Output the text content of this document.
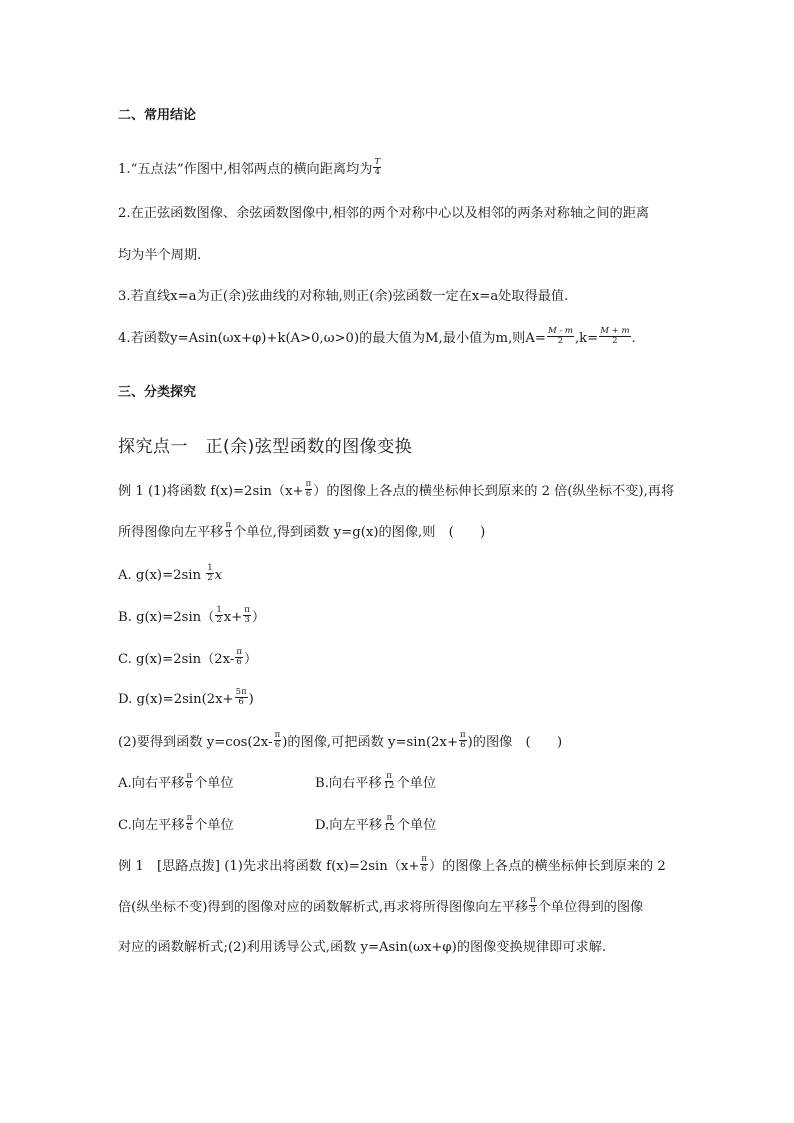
二、常用结论
1.“五点法”作图中,相邻两点的横向距离均为 $\frac{T}{4}$
2.在正弦函数图像、余弦函数图像中,相邻的两个对称中心以及相邻的两条对称轴之间的距离
均为半个周期.
3.若直线x=a为正(余)弦曲线的对称轴,则正(余)弦函数一定在x=a处取得最值.
4.若函数y=Asin(ωx+φ)+k(A>0,ω>0)的最大值为M,最小值为m,则$A= \frac{M - m}{2} ,k= \frac{M + m}{2}$ .
三、分类探究
探究点一　正(余)弦型函数的图像变换
例 1 (1)将函数 $f(x)=2\sin(x+ \frac{\pi}{6}$ ）的图像上各点的横坐标伸长到原来的 2 倍(纵坐标不变),再将
所得图像向左平移 $\frac{\pi}{3}$ 个单位,得到函数 y=g(x)的图像,则　(　　)
A. $g(x)=2\sin \frac{1}{2}$ x
B. $g(x)=2\sin( \frac{1}{2} x+ \frac{\pi}{3}$ ）
C. $g(x)=2\sin(2x- \frac{\pi}{6}$ ）
D. $g(x)=2\sin(2x+ \frac{5\pi}{6}$ )
(2)要得到函数 $y=\cos(2x- \frac{\pi}{6}$ )的图像,可把函数 $y=\sin(2x+ \frac{\pi}{6}$ )的图像　(　　)
A.向右平移 $\frac{\pi}{6}$ 个单位	B.向右平移 $\frac{\pi}{12}$ 个单位
C.向左平移 $\frac{\pi}{6}$ 个单位	D.向左平移 $\frac{\pi}{12}$ 个单位
例 1　[思路点拨] (1)先求出将函数 $f(x)=2\sin(x+ \frac{\pi}{6}$ ）的图像上各点的横坐标伸长到原来的 2
倍(纵坐标不变)得到的图像对应的函数解析式,再求将所得图像向左平移 $\frac{\pi}{3}$ 个单位得到的图像
对应的函数解析式;(2)利用诱导公式,函数 y=Asin(ωx+φ)的图像变换规律即可求解.
